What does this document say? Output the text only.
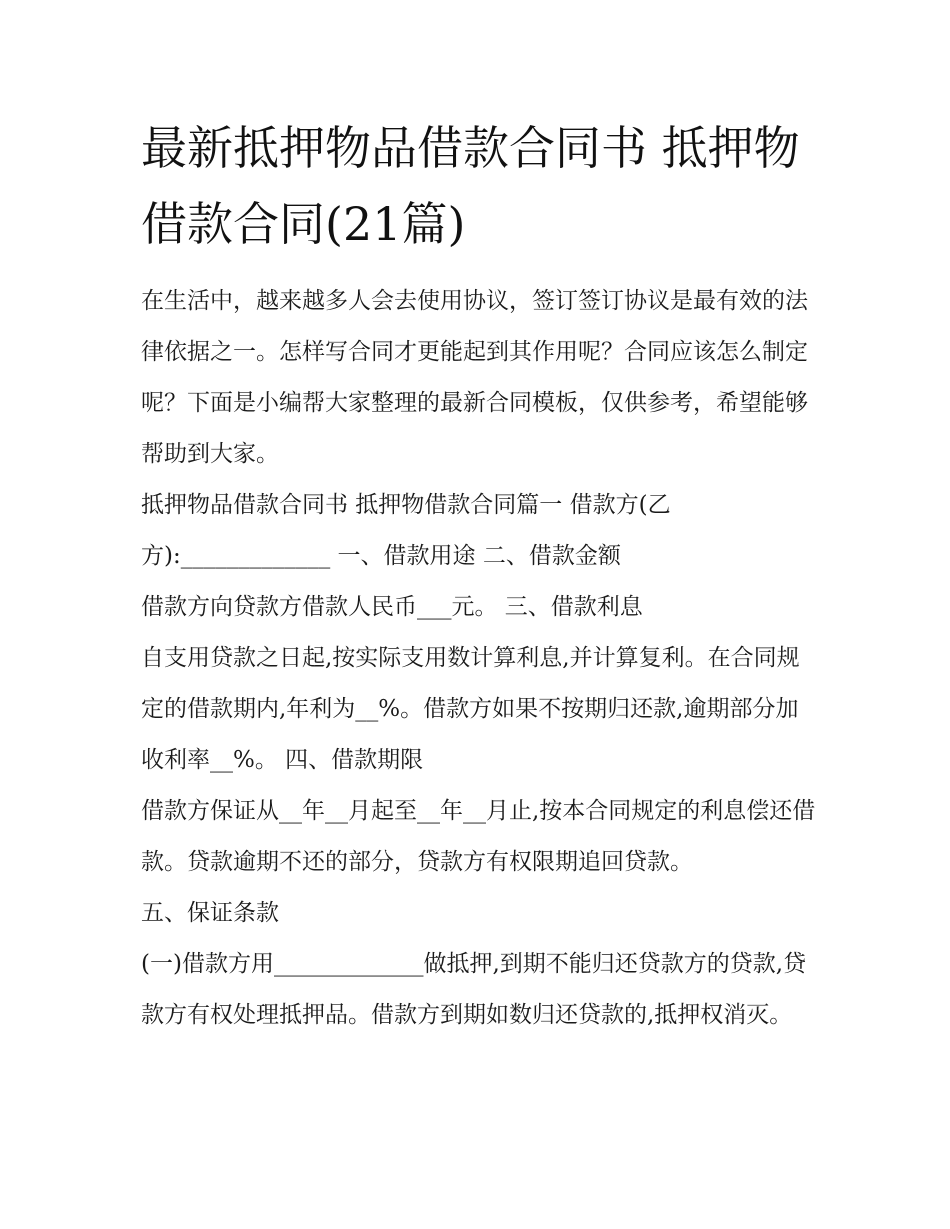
最新抵押物品借款合同书 抵押物借款合同(21篇)

在生活中，越来越多人会去使用协议，签订签订协议是最有效的法律依据之一。怎样写合同才更能起到其作用呢？合同应该怎么制定呢？下面是小编帮大家整理的最新合同模板，仅供参考，希望能够帮助到大家。

抵押物品借款合同书 抵押物借款合同篇一 借款方(乙

方):_____________ 一、借款用途 二、借款金额

借款方向贷款方借款人民币___元。 三、借款利息

自支用贷款之日起,按实际支用数计算利息,并计算复利。在合同规定的借款期内,年利为__%。借款方如果不按期归还款,逾期部分加收利率__%。 四、借款期限

借款方保证从__年__月起至__年__月止,按本合同规定的利息偿还借款。贷款逾期不还的部分，贷款方有权限期追回贷款。

五、保证条款

(一)借款方用_____________做抵押,到期不能归还贷款方的贷款,贷款方有权处理抵押品。借款方到期如数归还贷款的,抵押权消灭。
